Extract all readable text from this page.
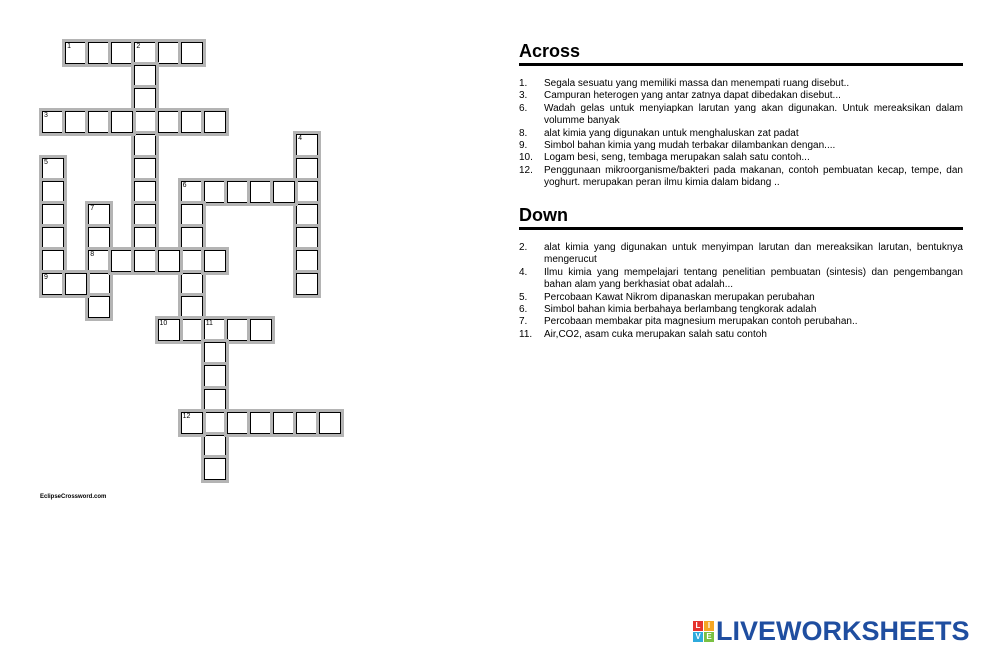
1	2
3
4
5
9
6
7
8
10	11
12
EclipseCrossword.com
Across
1.	Segala sesuatu yang memiliki massa dan menempati ruang disebut..
3.	Campuran heterogen yang antar zatnya dapat dibedakan disebut...
6.	Wadah gelas untuk menyiapkan larutan yang akan digunakan. Untuk mereaksikan dalam volumme banyak
8.	alat kimia yang digunakan untuk menghaluskan zat padat
9.	Simbol bahan kimia yang mudah terbakar dilambankan dengan....
10.	Logam besi, seng, tembaga merupakan salah satu contoh...
12.	Penggunaan mikroorganisme/bakteri pada makanan, contoh pembuatan kecap, tempe, dan yoghurt. merupakan peran ilmu kimia dalam bidang ..
Down
2.	alat kimia yang digunakan untuk menyimpan larutan dan mereaksikan larutan, bentuknya mengerucut
4.	Ilmu kimia yang mempelajari tentang penelitian pembuatan (sintesis) dan pengembangan bahan alam yang berkhasiat obat adalah...
5.	Percobaan Kawat Nikrom dipanaskan merupakan perubahan
6.	Simbol bahan kimia berbahaya berlambang tengkorak adalah
7.	Percobaan membakar pita magnesium merupakan contoh perubahan..
11.	Air,CO2, asam cuka merupakan salah satu contoh
L I
V E LIVEWORKSHEETS
